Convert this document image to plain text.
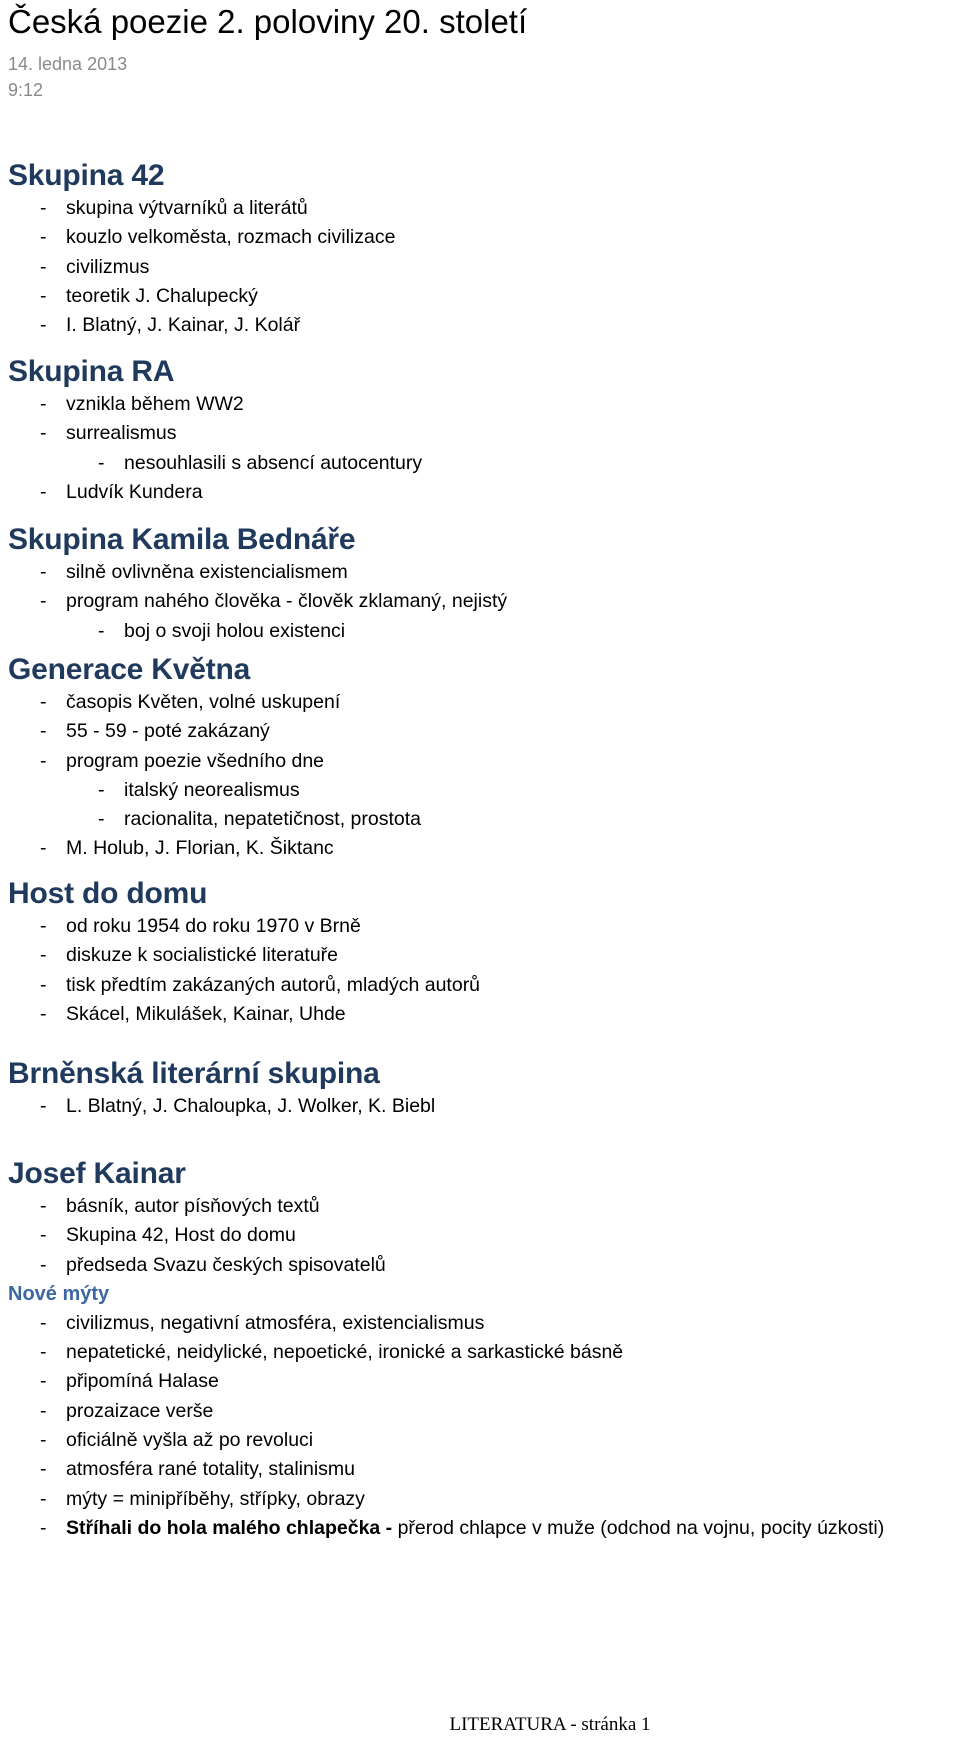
Česká poezie 2. poloviny 20. století
14. ledna 2013
9:12
Skupina 42
- skupina výtvarníků a literátů
- kouzlo velkoměsta, rozmach civilizace
- civilizmus
- teoretik J. Chalupecký
- I. Blatný, J. Kainar, J. Kolář
Skupina RA
- vznikla během WW2
- surrealismus
- nesouhlasili s absencí autocentury
- Ludvík Kundera
Skupina Kamila Bednáře
- silně ovlivněna existencialismem
- program nahého člověka - člověk zklamaný, nejistý
- boj o svoji holou existenci
Generace Května
- časopis Květen, volné uskupení
- 55 - 59 - poté zakázaný
- program poezie všedního dne
- italský neorealismus
- racionalita, nepatetičnost, prostota
- M. Holub, J. Florian, K. Šiktanc
Host do domu
- od roku 1954 do roku 1970 v Brně
- diskuze k socialistické literatuře
- tisk předtím zakázaných autorů, mladých autorů
- Skácel, Mikulášek, Kainar, Uhde
Brněnská literární skupina
- L. Blatný, J. Chaloupka, J. Wolker, K. Biebl
Josef Kainar
- básník, autor písňových textů
- Skupina 42, Host do domu
- předseda Svazu českých spisovatelů
Nové mýty
- civilizmus, negativní atmosféra, existencialismus
- nepatetické, neidylické, nepoetické, ironické a sarkastické básně
- připomíná Halase
- prozaizace verše
- oficiálně vyšla až po revoluci
- atmosféra rané totality, stalinismu
- mýty = minipříběhy, střípky, obrazy
- Stříhali do hola malého chlapečka - přerod chlapce v muže (odchod na vojnu, pocity úzkosti)
LITERATURA - stránka 1
